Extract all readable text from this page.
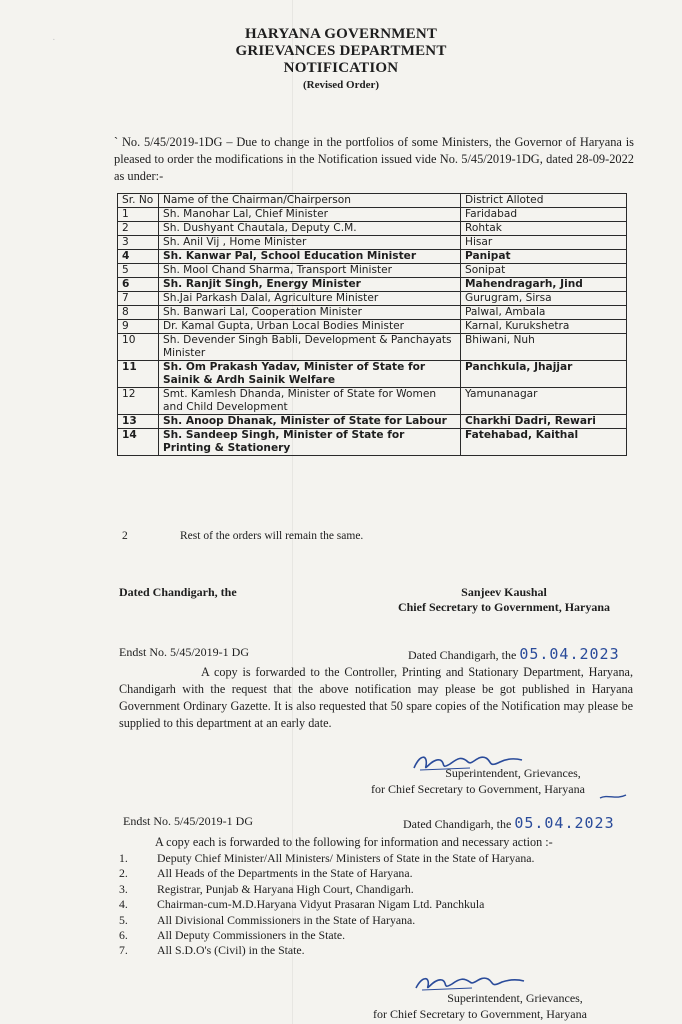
·	HARYANA GOVERNMENT
GRIEVANCES DEPARTMENT
NOTIFICATION
(Revised Order)
` No. 5/45/2019-1DG – Due to change in the portfolios of some Ministers, the Governor of Haryana is pleased to order the modifications in the Notification issued vide No. 5/45/2019-1DG, dated 28-09-2022 as under:-
Sr. No	Name of the Chairman/Chairperson	District Alloted
1	Sh. Manohar Lal, Chief Minister	Faridabad
2	Sh. Dushyant Chautala, Deputy C.M.	Rohtak
3	Sh. Anil Vij , Home Minister	Hisar
4	Sh. Kanwar Pal, School Education Minister	Panipat
5	Sh. Mool Chand Sharma, Transport Minister	Sonipat
6	Sh. Ranjit Singh, Energy Minister	Mahendragarh, Jind
7	Sh.Jai Parkash Dalal, Agriculture Minister	Gurugram, Sirsa
8	Sh. Banwari Lal, Cooperation Minister	Palwal, Ambala
9	Dr. Kamal Gupta, Urban Local Bodies Minister	Karnal, Kurukshetra
10	Sh. Devender Singh Babli, Development & Panchayats Minister	Bhiwani, Nuh
11	Sh. Om Prakash Yadav, Minister of State for Sainik & Ardh Sainik Welfare	Panchkula, Jhajjar
12	Smt. Kamlesh Dhanda, Minister of State for Women and Child Development	Yamunanagar
13	Sh. Anoop Dhanak, Minister of State for Labour	Charkhi Dadri, Rewari
14	Sh. Sandeep Singh, Minister of State for Printing & Stationery	Fatehabad, Kaithal
2	Rest of the orders will remain the same.
Dated Chandigarh, the	Sanjeev Kaushal
Chief Secretary to Government, Haryana
Endst No. 5/45/2019-1 DG	Dated Chandigarh, the 05.04.2023
A copy is forwarded to the Controller, Printing and Stationary Department, Haryana, Chandigarh with the request that the above notification may please be got published in Haryana Government Ordinary Gazette. It is also requested that 50 spare copies of the Notification may please be supplied to this department at an early date.
Superintendent, Grievances,
for Chief Secretary to Government, Haryana
Endst No. 5/45/2019-1 DG	Dated Chandigarh, the 05.04.2023
A copy each is forwarded to the following for information and necessary action :-
1. Deputy Chief Minister/All Ministers/ Ministers of State in the State of Haryana.
2. All Heads of the Departments in the State of Haryana.
3. Registrar, Punjab & Haryana High Court, Chandigarh.
4. Chairman-cum-M.D.Haryana Vidyut Prasaran Nigam Ltd. Panchkula
5. All Divisional Commissioners in the State of Haryana.
6. All Deputy Commissioners in the State.
7. All S.D.O's (Civil) in the State.
Superintendent, Grievances,
for Chief Secretary to Government, Haryana
